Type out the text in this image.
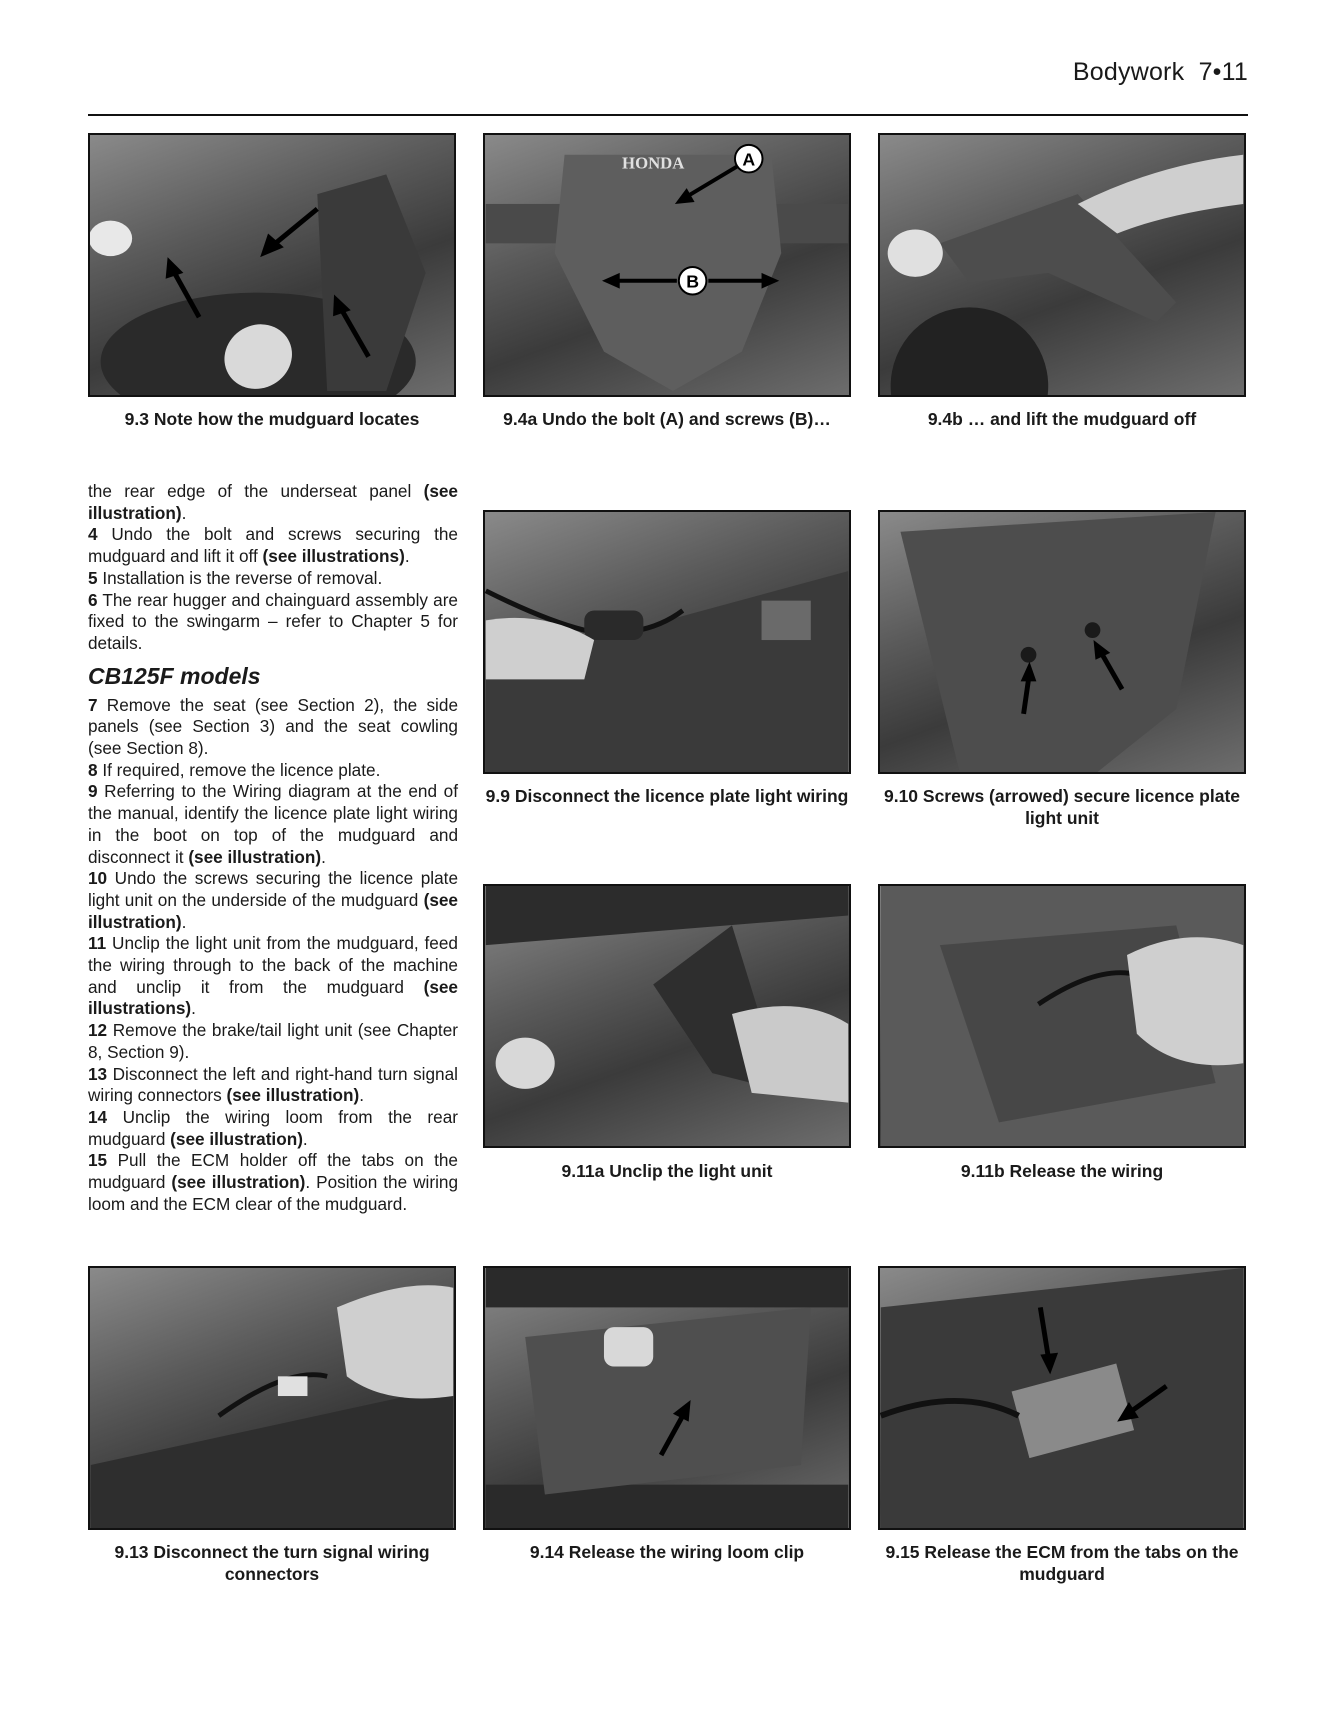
Bodywork 7•11
9.3 Note how the mudguard locates
HONDA	A
B
9.4a Undo the bolt (A) and screws (B)…	9.4b … and lift the mudguard off

the rear edge of the underseat panel (see illustration).

4 Undo the bolt and screws securing the mudguard and lift it off (see illustrations).

5 Installation is the reverse of removal.

6 The rear hugger and chainguard assembly are fixed to the swingarm – refer to Chapter 5 for details.

CB125F models

7 Remove the seat (see Section 2), the side panels (see Section 3) and the seat cowling (see Section 8).

8 If required, remove the licence plate.

9 Referring to the Wiring diagram at the end of the manual, identify the licence plate light wiring in the boot on top of the mudguard and disconnect it (see illustration).

10 Undo the screws securing the licence plate light unit on the underside of the mudguard (see illustration).

11 Unclip the light unit from the mudguard, feed the wiring through to the back of the machine and unclip it from the mudguard (see illustrations).

12 Remove the brake/tail light unit (see Chapter 8, Section 9).

13 Disconnect the left and right-hand turn signal wiring connectors (see illustration).

14 Unclip the wiring loom from the rear mudguard (see illustration).

15 Pull the ECM holder off the tabs on the mudguard (see illustration). Position the wiring loom and the ECM clear of the mudguard.

9.9 Disconnect the licence plate light wiring	9.10 Screws (arrowed) secure licence plate light unit
9.11a Unclip the light unit	9.11b Release the wiring
9.13 Disconnect the turn signal wiring connectors
9.14 Release the wiring loom clip	9.15 Release the ECM from the tabs on the mudguard
